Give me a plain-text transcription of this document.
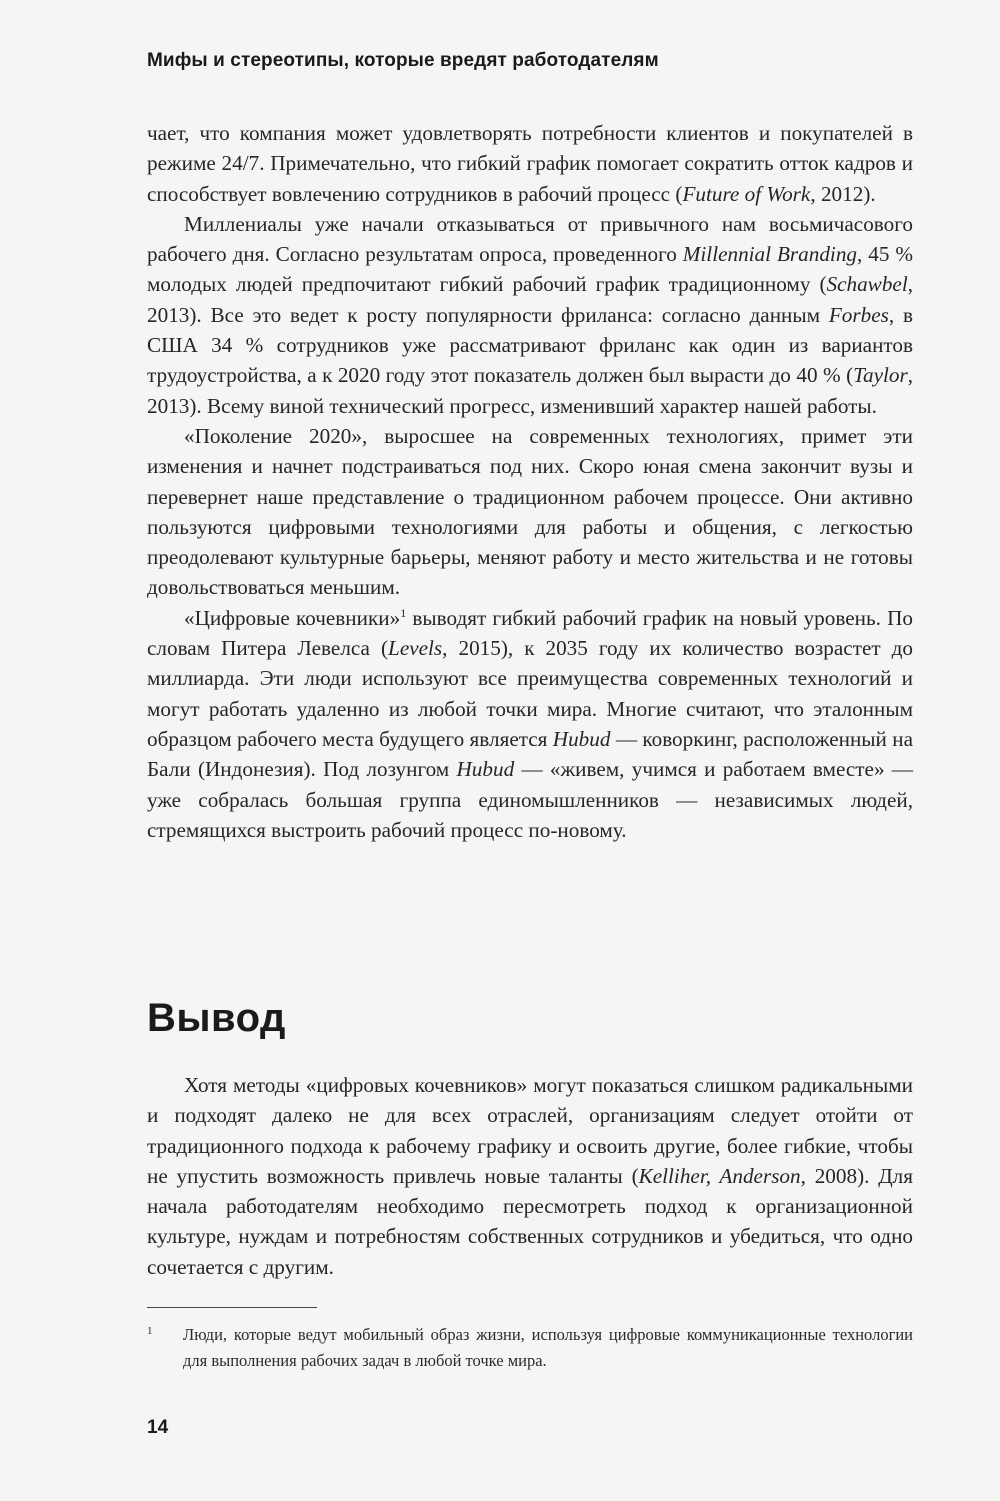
Мифы и стереотипы, которые вредят работодателям

чает, что компания может удовлетворять потребности клиентов и покупателей в режиме 24/7. Примечательно, что гибкий график помогает сократить отток кадров и способствует вовлечению сотрудников в рабочий процесс (Future of Work, 2012).

Миллениалы уже начали отказываться от привычного нам восьмичасового рабочего дня. Согласно результатам опроса, проведенного Millennial Branding, 45 % молодых людей предпочитают гибкий рабочий график традиционному (Schawbel, 2013). Все это ведет к росту популярности фриланса: согласно данным Forbes, в США 34 % сотрудников уже рассматривают фриланс как один из вариантов трудоустройства, а к 2020 году этот показатель должен был вырасти до 40 % (Taylor, 2013). Всему виной технический прогресс, изменивший характер нашей работы.

«Поколение 2020», выросшее на современных технологиях, примет эти изменения и начнет подстраиваться под них. Скоро юная смена закончит вузы и перевернет наше представление о традиционном рабочем процессе. Они активно пользуются цифровыми технологиями для работы и общения, с легкостью преодолевают культурные барьеры, меняют работу и место жительства и не готовы довольствоваться меньшим.

«Цифровые кочевники»$^1$ выводят гибкий рабочий график на новый уровень. По словам Питера Левелса (Levels, 2015), к 2035 году их количество возрастет до миллиарда. Эти люди используют все преимущества современных технологий и могут работать удаленно из любой точки мира. Многие считают, что эталонным образцом рабочего места будущего является Hubud — коворкинг, расположенный на Бали (Индонезия). Под лозунгом Hubud — «живем, учимся и работаем вместе» — уже собралась большая группа единомышленников — независимых людей, стремящихся выстроить рабочий процесс по-новому.

Вывод

Хотя методы «цифровых кочевников» могут показаться слишком радикальными и подходят далеко не для всех отраслей, организациям следует отойти от традиционного подхода к рабочему графику и освоить другие, более гибкие, чтобы не упустить возможность привлечь новые таланты (Kelliher, Anderson, 2008). Для начала работодателям необходимо пересмотреть подход к организационной культуре, нуждам и потребностям собственных сотрудников и убедиться, что одно сочетается с другим.

1 Люди, которые ведут мобильный образ жизни, используя цифровые коммуникационные технологии для выполнения рабочих задач в любой точке мира.
14
